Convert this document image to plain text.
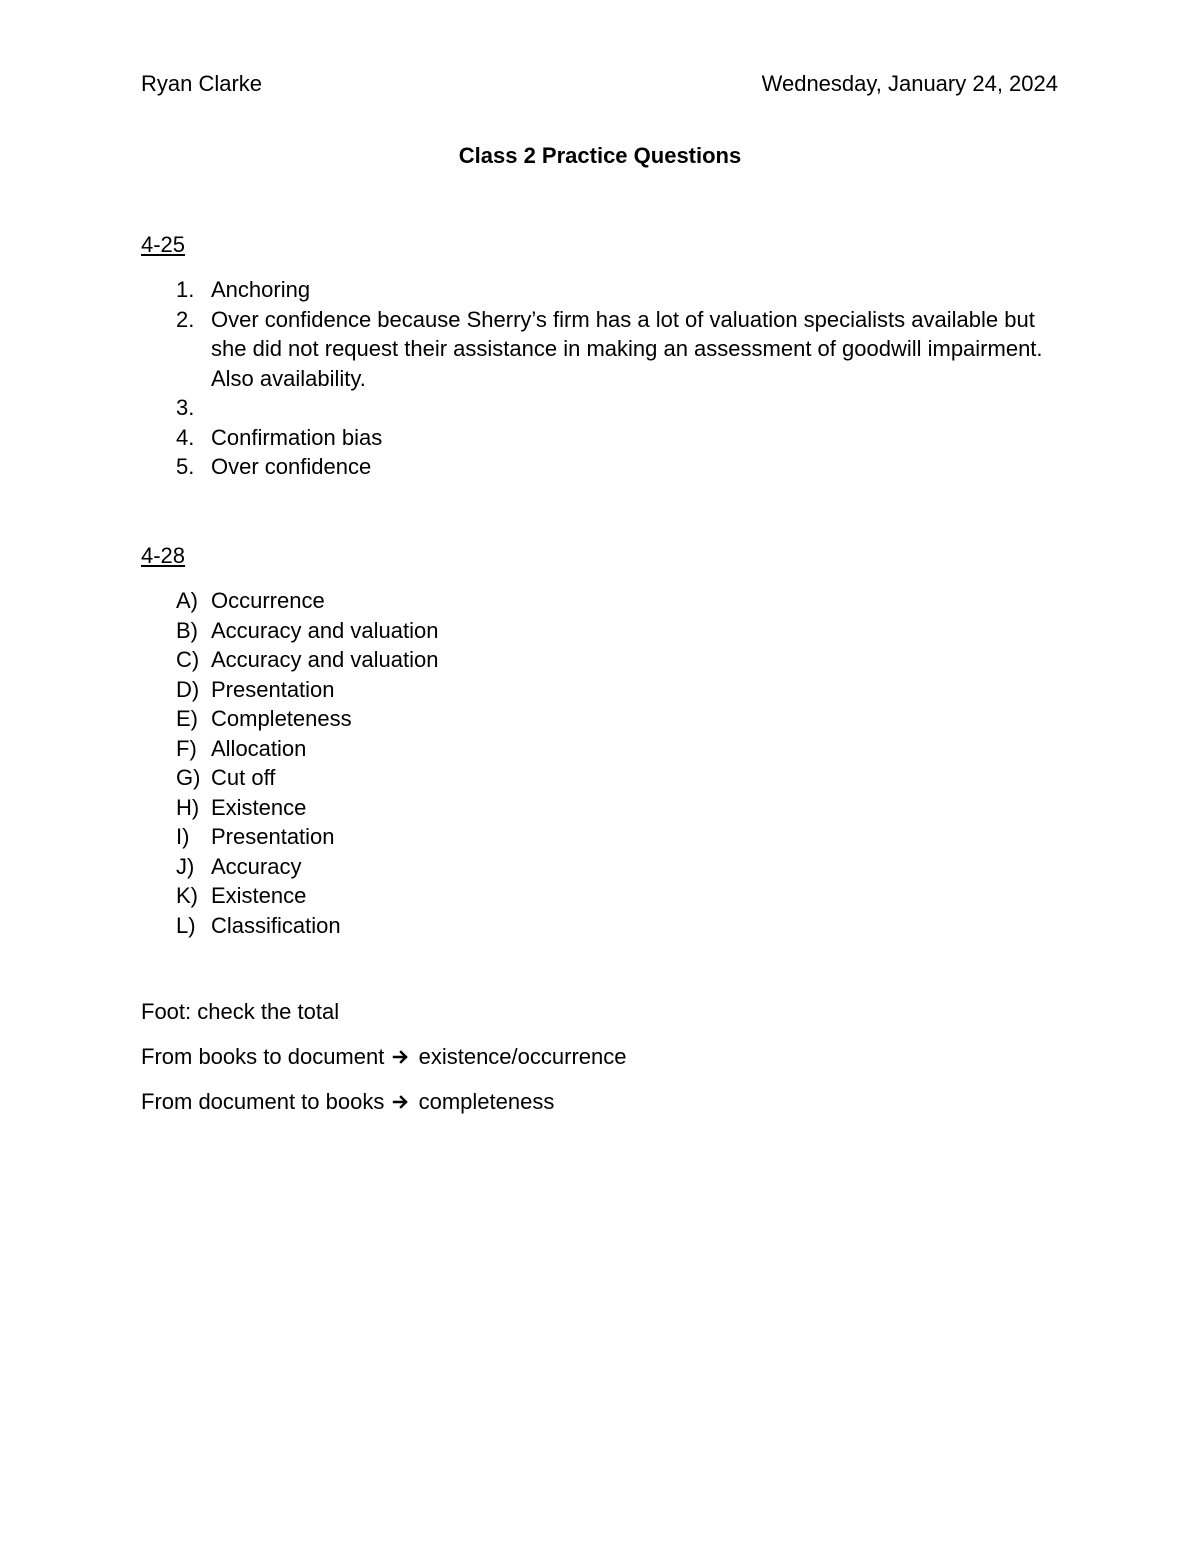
Ryan Clarke	Wednesday, January 24, 2024
Class 2 Practice Questions
4-25
1. Anchoring
2. Over confidence because Sherry’s firm has a lot of valuation specialists available but she did not request their assistance in making an assessment of goodwill impairment. Also availability.
3.
4. Confirmation bias
5. Over confidence
4-28
A) Occurrence
B) Accuracy and valuation
C) Accuracy and valuation
D) Presentation
E) Completeness
F) Allocation
G) Cut off
H) Existence
I) Presentation
J) Accuracy
K) Existence
L) Classification
Foot: check the total
From books to document existence/occurrence
From document to books completeness
